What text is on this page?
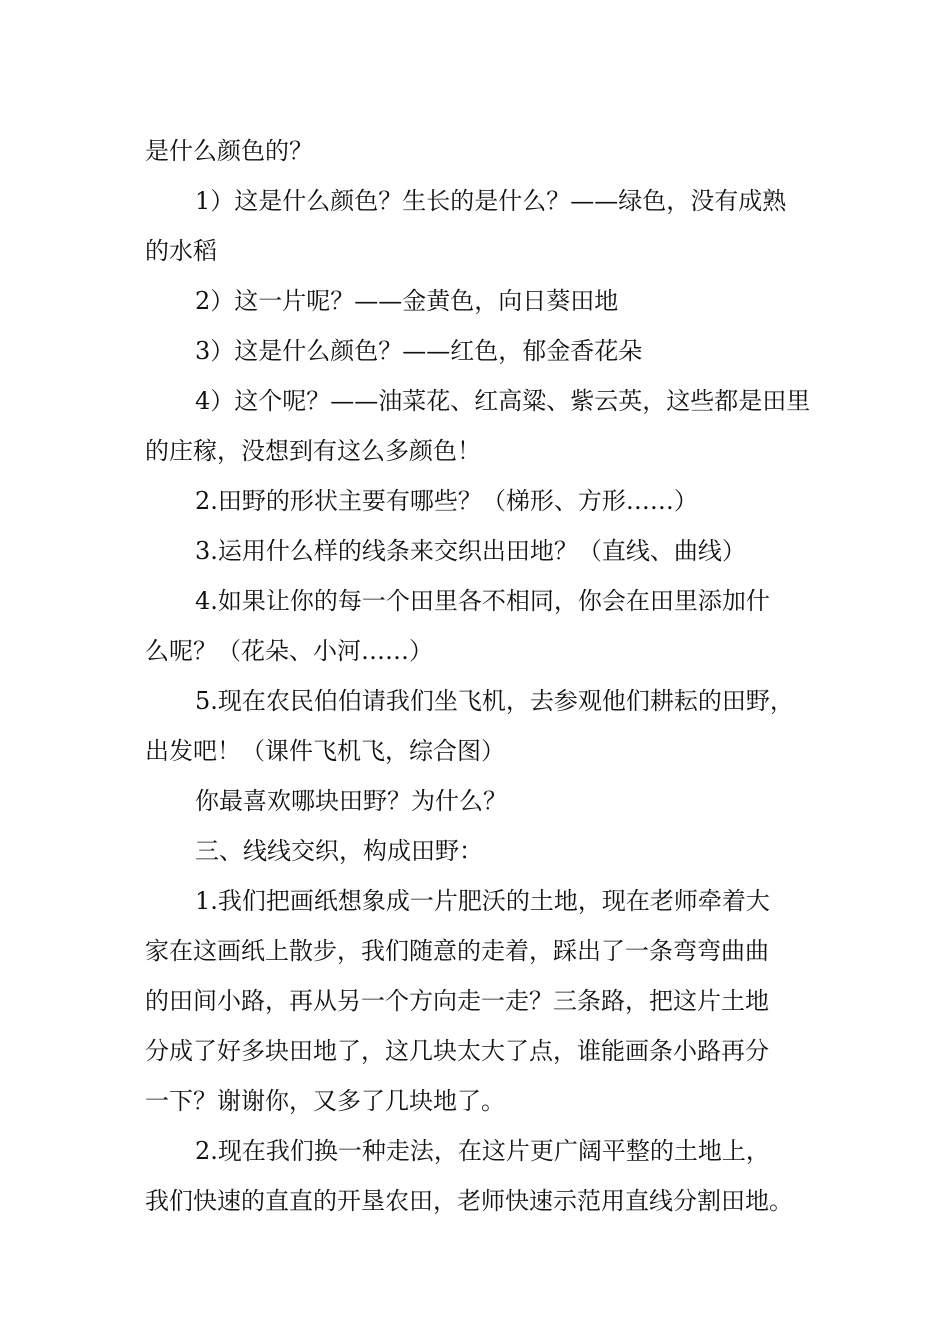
是什么颜色的？
1）这是什么颜色？生长的是什么？——绿色，没有成熟
的水稻
2）这一片呢？——金黄色，向日葵田地
3）这是什么颜色？——红色，郁金香花朵
4）这个呢？——油菜花、红高粱、紫云英，这些都是田里
的庄稼，没想到有这么多颜色！
2.田野的形状主要有哪些？（梯形、方形……）
3.运用什么样的线条来交织出田地？（直线、曲线）
4.如果让你的每一个田里各不相同，你会在田里添加什
么呢？（花朵、小河……）
5.现在农民伯伯请我们坐飞机，去参观他们耕耘的田野，
出发吧！（课件飞机飞，综合图）
你最喜欢哪块田野？为什么？
三、线线交织，构成田野：
1.我们把画纸想象成一片肥沃的土地，现在老师牵着大
家在这画纸上散步，我们随意的走着，踩出了一条弯弯曲曲
的田间小路，再从另一个方向走一走？三条路，把这片土地
分成了好多块田地了，这几块太大了点，谁能画条小路再分
一下？谢谢你，又多了几块地了。
2.现在我们换一种走法，在这片更广阔平整的土地上，
我们快速的直直的开垦农田，老师快速示范用直线分割田地。
